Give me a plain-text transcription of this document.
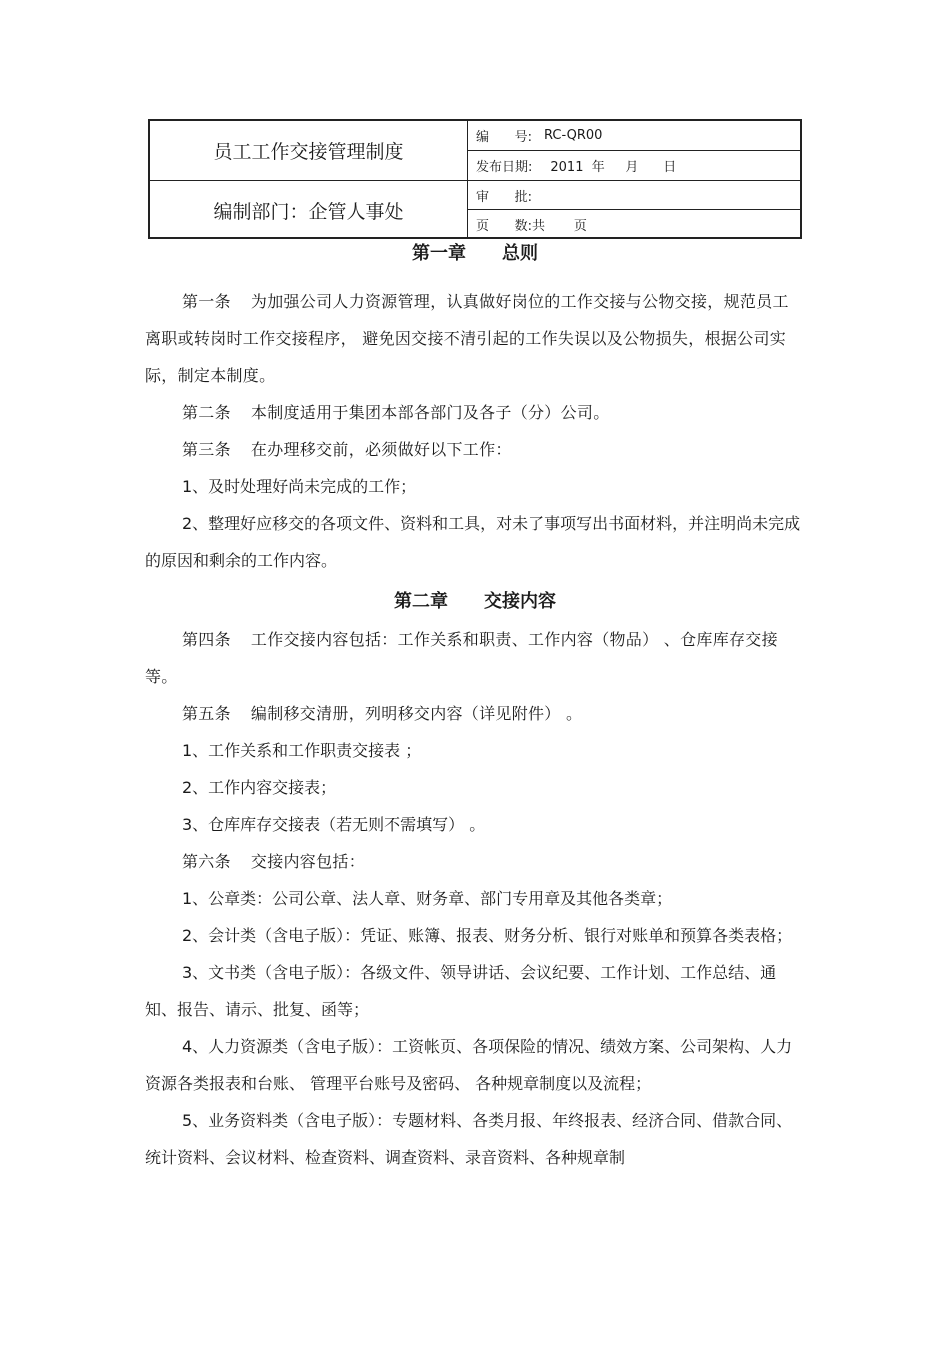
员工工作交接管理制度
编制部门：企管人事处
编 号: RC-QR00
发布日期: 2011  年     月      日
审 批:
页 数: 共       页
第一章 总则

第一条 为加强公司人力资源管理，认真做好岗位的工作交接与公物交接，规范员工离职或转岗时工作交接程序， 避免因交接不清引起的工作失误以及公物损失，根据公司实际，制定本制度。

第二条 本制度适用于集团本部各部门及各子（分）公司。

第三条 在办理移交前，必须做好以下工作：

1、及时处理好尚未完成的工作；

2、整理好应移交的各项文件、资料和工具，对未了事项写出书面材料，并注明尚未完成的原因和剩余的工作内容。

第二章 交接内容

第四条 工作交接内容包括：工作关系和职责、工作内容（物品） 、仓库库存交接等。

第五条 编制移交清册，列明移交内容（详见附件） 。

1、工作关系和工作职责交接表 ；

2、工作内容交接表；

3、仓库库存交接表（若无则不需填写） 。

第六条 交接内容包括：

1、公章类：公司公章、法人章、财务章、部门专用章及其他各类章；

2、会计类（含电子版）：凭证、账簿、报表、财务分析、银行对账单和预算各类表格；

3、文书类（含电子版）：各级文件、领导讲话、会议纪要、工作计划、工作总结、通知、报告、请示、批复、函等；

4、人力资源类（含电子版）：工资帐页、各项保险的情况、绩效方案、公司架构、人力资源各类报表和台账、 管理平台账号及密码、 各种规章制度以及流程；

5、业务资料类（含电子版）：专题材料、各类月报、年终报表、经济合同、借款合同、统计资料、会议材料、检查资料、调查资料、录音资料、各种规章制
